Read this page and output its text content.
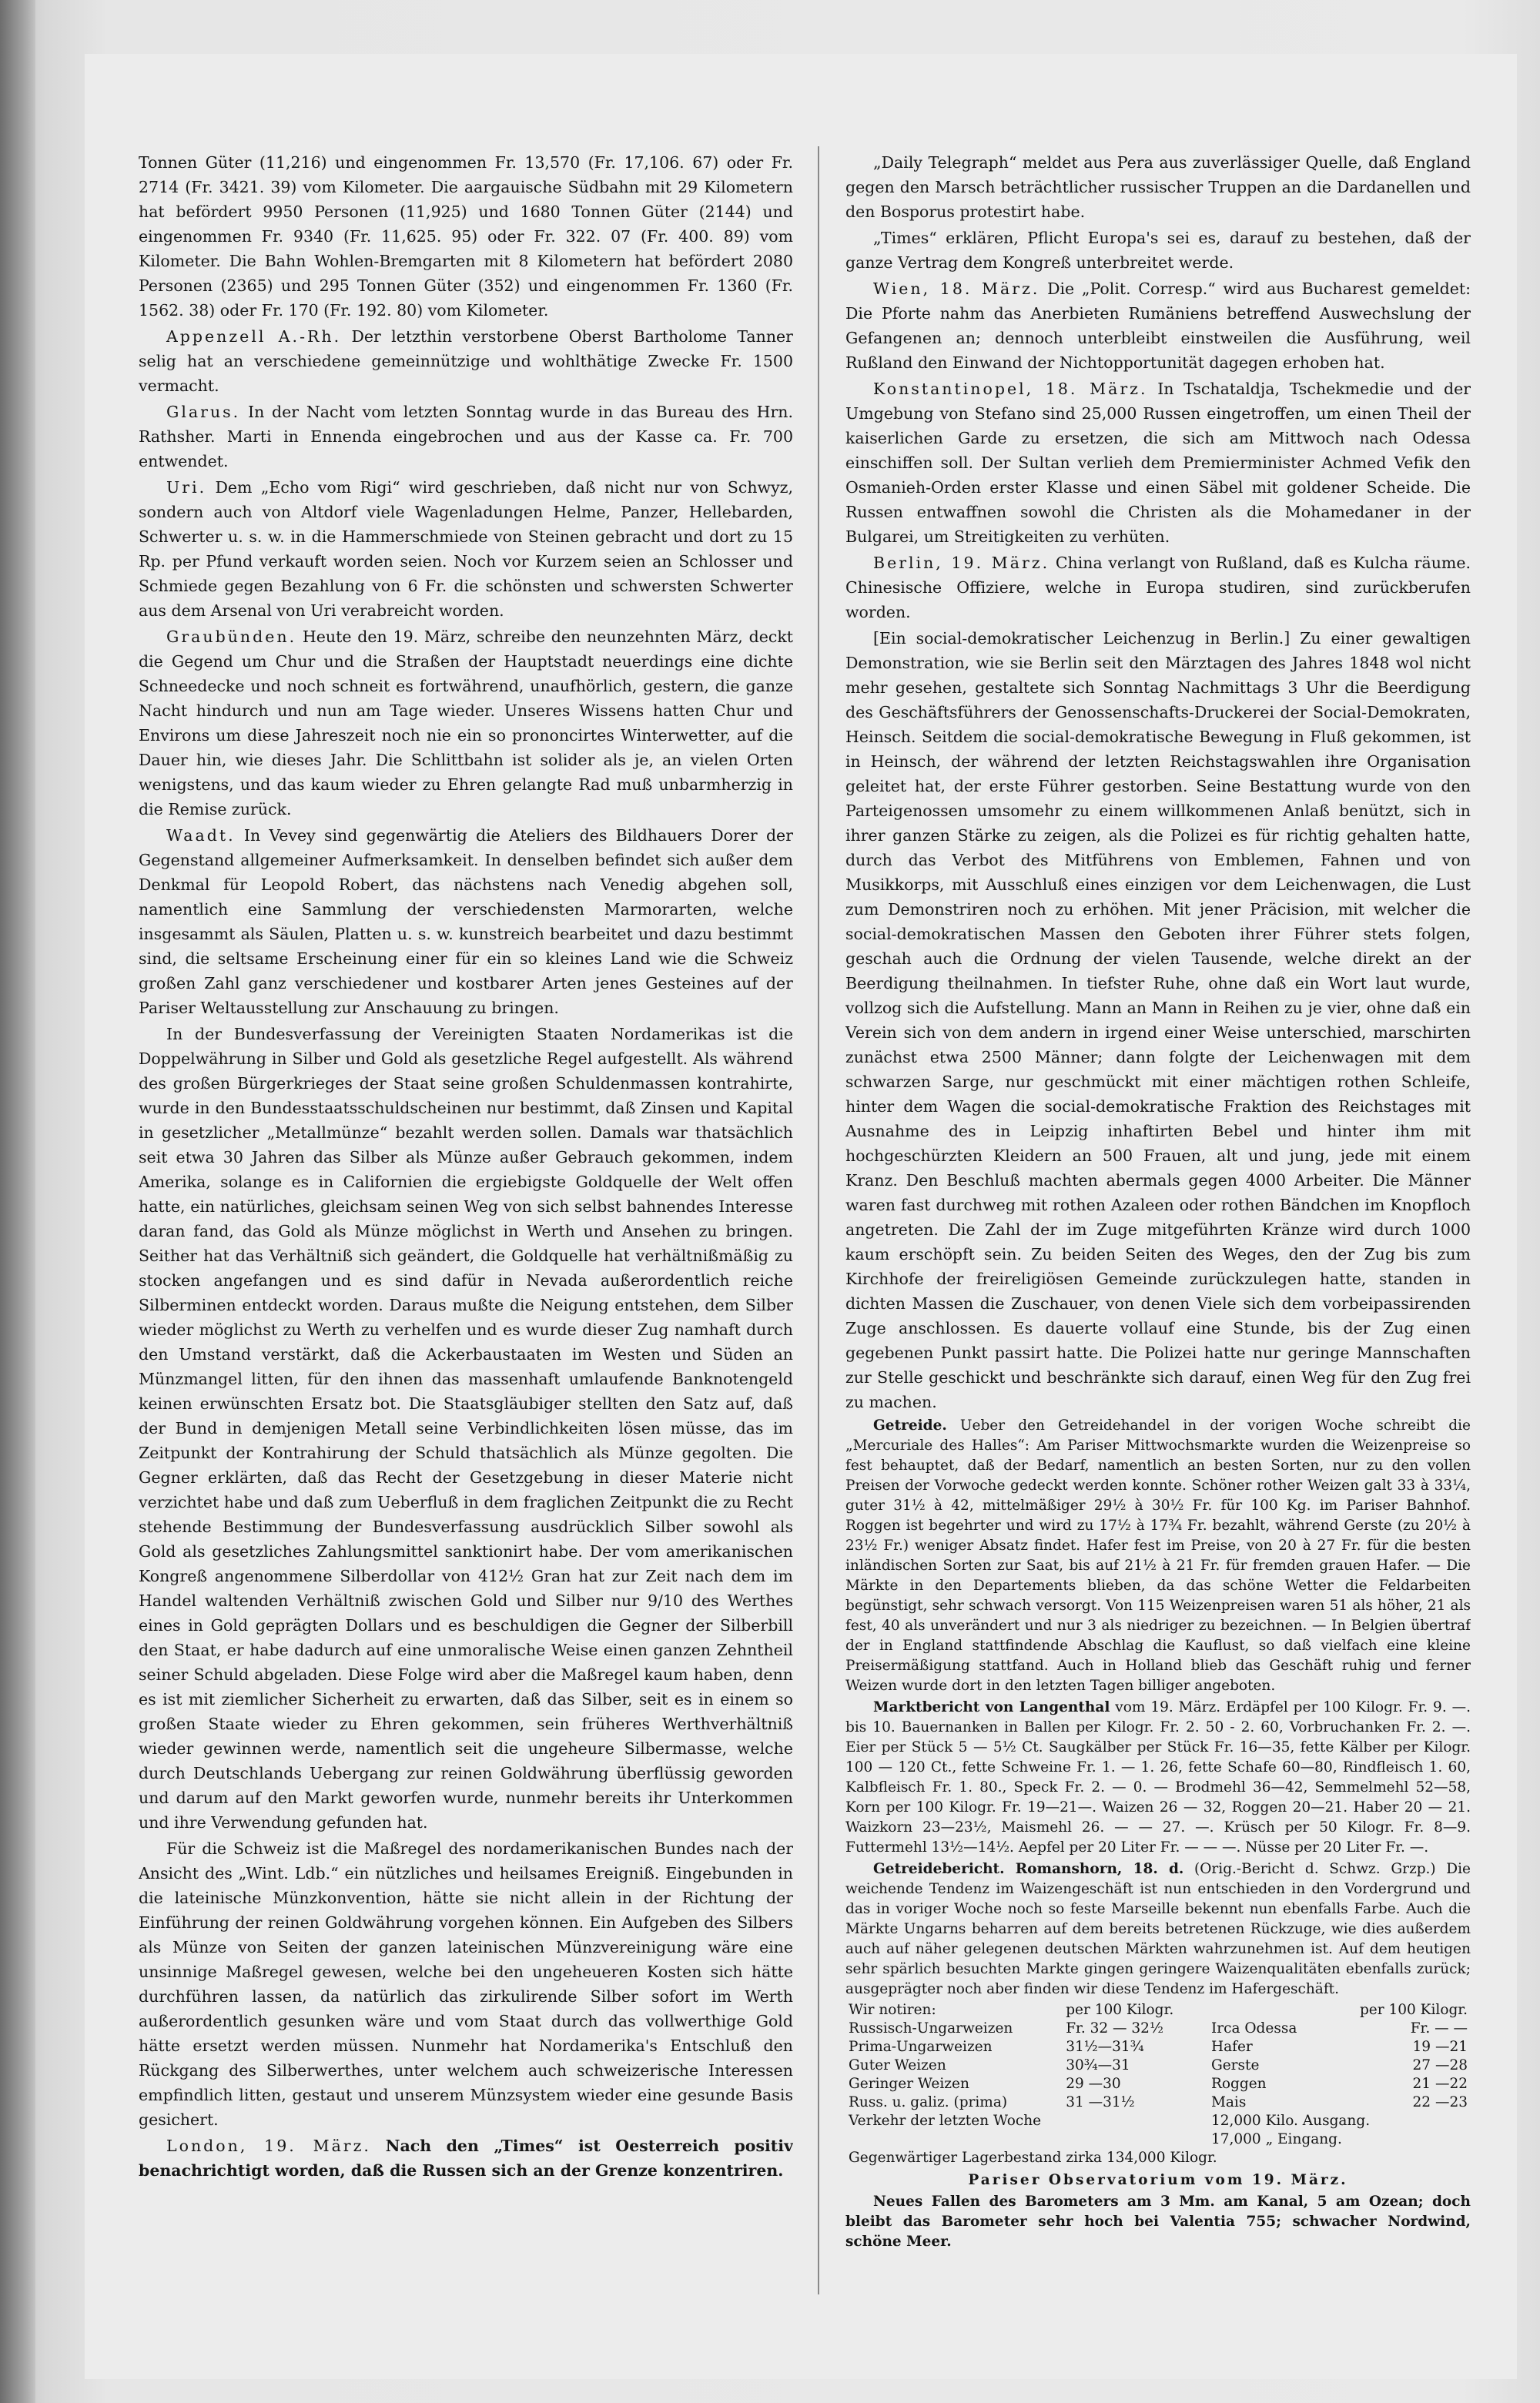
Tonnen Güter (11,216) und eingenommen Fr. 13,570 (Fr. 17,106. 67) oder Fr. 2714 (Fr. 3421. 39) vom Kilometer. Die aargauische Südbahn mit 29 Kilometern hat befördert 9950 Personen (11,925) und 1680 Tonnen Güter (2144) und eingenommen Fr. 9340 (Fr. 11,625. 95) oder Fr. 322. 07 (Fr. 400. 89) vom Kilometer. Die Bahn Wohlen-Bremgarten mit 8 Kilometern hat befördert 2080 Personen (2365) und 295 Tonnen Güter (352) und eingenommen Fr. 1360 (Fr. 1562. 38) oder Fr. 170 (Fr. 192. 80) vom Kilometer.

Appenzell A.-Rh. Der letzthin verstorbene Oberst Bartholome Tanner selig hat an verschiedene gemeinnützige und wohlthätige Zwecke Fr. 1500 vermacht.

Glarus. In der Nacht vom letzten Sonntag wurde in das Bureau des Hrn. Rathsher. Marti in Ennenda eingebrochen und aus der Kasse ca. Fr. 700 entwendet.

Uri. Dem „Echo vom Rigi“ wird geschrieben, daß nicht nur von Schwyz, sondern auch von Altdorf viele Wagenladungen Helme, Panzer, Hellebarden, Schwerter u. s. w. in die Hammerschmiede von Steinen gebracht und dort zu 15 Rp. per Pfund verkauft worden seien. Noch vor Kurzem seien an Schlosser und Schmiede gegen Bezahlung von 6 Fr. die schönsten und schwersten Schwerter aus dem Arsenal von Uri verabreicht worden.

Graubünden. Heute den 19. März, schreibe den neunzehnten März, deckt die Gegend um Chur und die Straßen der Hauptstadt neuerdings eine dichte Schneedecke und noch schneit es fortwährend, unaufhörlich, gestern, die ganze Nacht hindurch und nun am Tage wieder. Unseres Wissens hatten Chur und Environs um diese Jahreszeit noch nie ein so prononcirtes Winterwetter, auf die Dauer hin, wie dieses Jahr. Die Schlittbahn ist solider als je, an vielen Orten wenigstens, und das kaum wieder zu Ehren gelangte Rad muß unbarmherzig in die Remise zurück.

Waadt. In Vevey sind gegenwärtig die Ateliers des Bildhauers Dorer der Gegenstand allgemeiner Aufmerksamkeit. In denselben befindet sich außer dem Denkmal für Leopold Robert, das nächstens nach Venedig abgehen soll, namentlich eine Sammlung der verschiedensten Marmorarten, welche insgesammt als Säulen, Platten u. s. w. kunstreich bearbeitet und dazu bestimmt sind, die seltsame Erscheinung einer für ein so kleines Land wie die Schweiz großen Zahl ganz verschiedener und kostbarer Arten jenes Gesteines auf der Pariser Weltausstellung zur Anschauung zu bringen.

In der Bundesverfassung der Vereinigten Staaten Nordamerikas ist die Doppelwährung in Silber und Gold als gesetzliche Regel aufgestellt. Als während des großen Bürgerkrieges der Staat seine großen Schuldenmassen kontrahirte, wurde in den Bundesstaatsschuldscheinen nur bestimmt, daß Zinsen und Kapital in gesetzlicher „Metallmünze“ bezahlt werden sollen. Damals war thatsächlich seit etwa 30 Jahren das Silber als Münze außer Gebrauch gekommen, indem Amerika, solange es in Californien die ergiebigste Goldquelle der Welt offen hatte, ein natürliches, gleichsam seinen Weg von sich selbst bahnendes Interesse daran fand, das Gold als Münze möglichst in Werth und Ansehen zu bringen. Seither hat das Verhältniß sich geändert, die Goldquelle hat verhältnißmäßig zu stocken angefangen und es sind dafür in Nevada außerordentlich reiche Silberminen entdeckt worden. Daraus mußte die Neigung entstehen, dem Silber wieder möglichst zu Werth zu verhelfen und es wurde dieser Zug namhaft durch den Umstand verstärkt, daß die Ackerbaustaaten im Westen und Süden an Münzmangel litten, für den ihnen das massenhaft umlaufende Banknotengeld keinen erwünschten Ersatz bot. Die Staatsgläubiger stellten den Satz auf, daß der Bund in demjenigen Metall seine Verbindlichkeiten lösen müsse, das im Zeitpunkt der Kontrahirung der Schuld thatsächlich als Münze gegolten. Die Gegner erklärten, daß das Recht der Gesetzgebung in dieser Materie nicht verzichtet habe und daß zum Ueberfluß in dem fraglichen Zeitpunkt die zu Recht stehende Bestimmung der Bundesverfassung ausdrücklich Silber sowohl als Gold als gesetzliches Zahlungsmittel sanktionirt habe. Der vom amerikanischen Kongreß angenommene Silberdollar von 412½ Gran hat zur Zeit nach dem im Handel waltenden Verhältniß zwischen Gold und Silber nur 9/10 des Werthes eines in Gold geprägten Dollars und es beschuldigen die Gegner der Silberbill den Staat, er habe dadurch auf eine unmoralische Weise einen ganzen Zehntheil seiner Schuld abgeladen. Diese Folge wird aber die Maßregel kaum haben, denn es ist mit ziemlicher Sicherheit zu erwarten, daß das Silber, seit es in einem so großen Staate wieder zu Ehren gekommen, sein früheres Werthverhältniß wieder gewinnen werde, namentlich seit die ungeheure Silbermasse, welche durch Deutschlands Uebergang zur reinen Goldwährung überflüssig geworden und darum auf den Markt geworfen wurde, nunmehr bereits ihr Unterkommen und ihre Verwendung gefunden hat.

Für die Schweiz ist die Maßregel des nordamerikanischen Bundes nach der Ansicht des „Wint. Ldb.“ ein nützliches und heilsames Ereigniß. Eingebunden in die lateinische Münzkonvention, hätte sie nicht allein in der Richtung der Einführung der reinen Goldwährung vorgehen können. Ein Aufgeben des Silbers als Münze von Seiten der ganzen lateinischen Münzvereinigung wäre eine unsinnige Maßregel gewesen, welche bei den ungeheueren Kosten sich hätte durchführen lassen, da natürlich das zirkulirende Silber sofort im Werth außerordentlich gesunken wäre und vom Staat durch das vollwerthige Gold hätte ersetzt werden müssen. Nunmehr hat Nordamerika's Entschluß den Rückgang des Silberwerthes, unter welchem auch schweizerische Interessen empfindlich litten, gestaut und unserem Münzsystem wieder eine gesunde Basis gesichert.

London, 19. März. Nach den „Times“ ist Oesterreich positiv benachrichtigt worden, daß die Russen sich an der Grenze konzentriren.

„Daily Telegraph“ meldet aus Pera aus zuverlässiger Quelle, daß England gegen den Marsch beträchtlicher russischer Truppen an die Dardanellen und den Bosporus protestirt habe.

„Times“ erklären, Pflicht Europa's sei es, darauf zu bestehen, daß der ganze Vertrag dem Kongreß unterbreitet werde.

Wien, 18. März. Die „Polit. Corresp.“ wird aus Bucharest gemeldet: Die Pforte nahm das Anerbieten Rumäniens betreffend Auswechslung der Gefangenen an; dennoch unterbleibt einstweilen die Ausführung, weil Rußland den Einwand der Nichtopportunität dagegen erhoben hat.

Konstantinopel, 18. März. In Tschataldja, Tschekmedie und der Umgebung von Stefano sind 25,000 Russen eingetroffen, um einen Theil der kaiserlichen Garde zu ersetzen, die sich am Mittwoch nach Odessa einschiffen soll. Der Sultan verlieh dem Premierminister Achmed Vefik den Osmanieh-Orden erster Klasse und einen Säbel mit goldener Scheide. Die Russen entwaffnen sowohl die Christen als die Mohamedaner in der Bulgarei, um Streitigkeiten zu verhüten.

Berlin, 19. März. China verlangt von Rußland, daß es Kulcha räume. Chinesische Offiziere, welche in Europa studiren, sind zurückberufen worden.

[Ein social-demokratischer Leichenzug in Berlin.] Zu einer gewaltigen Demonstration, wie sie Berlin seit den Märztagen des Jahres 1848 wol nicht mehr gesehen, gestaltete sich Sonntag Nachmittags 3 Uhr die Beerdigung des Geschäftsführers der Genossenschafts-Druckerei der Social-Demokraten, Heinsch. Seitdem die social-demokratische Bewegung in Fluß gekommen, ist in Heinsch, der während der letzten Reichstagswahlen ihre Organisation geleitet hat, der erste Führer gestorben. Seine Bestattung wurde von den Parteigenossen umsomehr zu einem willkommenen Anlaß benützt, sich in ihrer ganzen Stärke zu zeigen, als die Polizei es für richtig gehalten hatte, durch das Verbot des Mitführens von Emblemen, Fahnen und von Musikkorps, mit Ausschluß eines einzigen vor dem Leichenwagen, die Lust zum Demonstriren noch zu erhöhen. Mit jener Präcision, mit welcher die social-demokratischen Massen den Geboten ihrer Führer stets folgen, geschah auch die Ordnung der vielen Tausende, welche direkt an der Beerdigung theilnahmen. In tiefster Ruhe, ohne daß ein Wort laut wurde, vollzog sich die Aufstellung. Mann an Mann in Reihen zu je vier, ohne daß ein Verein sich von dem andern in irgend einer Weise unterschied, marschirten zunächst etwa 2500 Männer; dann folgte der Leichenwagen mit dem schwarzen Sarge, nur geschmückt mit einer mächtigen rothen Schleife, hinter dem Wagen die social-demokratische Fraktion des Reichstages mit Ausnahme des in Leipzig inhaftirten Bebel und hinter ihm mit hochgeschürzten Kleidern an 500 Frauen, alt und jung, jede mit einem Kranz. Den Beschluß machten abermals gegen 4000 Arbeiter. Die Männer waren fast durchweg mit rothen Azaleen oder rothen Bändchen im Knopfloch angetreten. Die Zahl der im Zuge mitgeführten Kränze wird durch 1000 kaum erschöpft sein. Zu beiden Seiten des Weges, den der Zug bis zum Kirchhofe der freireligiösen Gemeinde zurückzulegen hatte, standen in dichten Massen die Zuschauer, von denen Viele sich dem vorbeipassirenden Zuge anschlossen. Es dauerte vollauf eine Stunde, bis der Zug einen gegebenen Punkt passirt hatte. Die Polizei hatte nur geringe Mannschaften zur Stelle geschickt und beschränkte sich darauf, einen Weg für den Zug frei zu machen.

Getreide. Ueber den Getreidehandel in der vorigen Woche schreibt die „Mercuriale des Halles“: Am Pariser Mittwochsmarkte wurden die Weizenpreise so fest behauptet, daß der Bedarf, namentlich an besten Sorten, nur zu den vollen Preisen der Vorwoche gedeckt werden konnte. Schöner rother Weizen galt 33 à 33¼, guter 31½ à 42, mittelmäßiger 29½ à 30½ Fr. für 100 Kg. im Pariser Bahnhof. Roggen ist begehrter und wird zu 17½ à 17¾ Fr. bezahlt, während Gerste (zu 20½ à 23½ Fr.) weniger Absatz findet. Hafer fest im Preise, von 20 à 27 Fr. für die besten inländischen Sorten zur Saat, bis auf 21½ à 21 Fr. für fremden grauen Hafer. — Die Märkte in den Departements blieben, da das schöne Wetter die Feldarbeiten begünstigt, sehr schwach versorgt. Von 115 Weizenpreisen waren 51 als höher, 21 als fest, 40 als unverändert und nur 3 als niedriger zu bezeichnen. — In Belgien übertraf der in England stattfindende Abschlag die Kauflust, so daß vielfach eine kleine Preisermäßigung stattfand. Auch in Holland blieb das Geschäft ruhig und ferner Weizen wurde dort in den letzten Tagen billiger angeboten.

Marktbericht von Langenthal vom 19. März. Erdäpfel per 100 Kilogr. Fr. 9. —. bis 10. Bauernanken in Ballen per Kilogr. Fr. 2. 50 - 2. 60, Vorbruchanken Fr. 2. —. Eier per Stück 5 — 5½ Ct. Saugkälber per Stück Fr. 16—35, fette Kälber per Kilogr. 100 — 120 Ct., fette Schweine Fr. 1. — 1. 26, fette Schafe 60—80, Rindfleisch 1. 60, Kalbfleisch Fr. 1. 80., Speck Fr. 2. — 0. — Brodmehl 36—42, Semmelmehl 52—58, Korn per 100 Kilogr. Fr. 19—21—. Waizen 26 — 32, Roggen 20—21. Haber 20 — 21. Waizkorn 23—23½, Maismehl 26. — — 27. —. Krüsch per 50 Kilogr. Fr. 8—9. Futtermehl 13½—14½. Aepfel per 20 Liter Fr. — — —. Nüsse per 20 Liter Fr. —.

Getreidebericht. Romanshorn, 18. d. (Orig.-Bericht d. Schwz. Grzp.) Die weichende Tendenz im Waizengeschäft ist nun entschieden in den Vordergrund und das in voriger Woche noch so feste Marseille bekennt nun ebenfalls Farbe. Auch die Märkte Ungarns beharren auf dem bereits betretenen Rückzuge, wie dies außerdem auch auf näher gelegenen deutschen Märkten wahrzunehmen ist. Auf dem heutigen sehr spärlich besuchten Markte gingen geringere Waizenqualitäten ebenfalls zurück; ausgeprägter noch aber finden wir diese Tendenz im Hafergeschäft.

Wir notiren:	per 100 Kilogr.		per 100 Kilogr.
Russisch-Ungarweizen	Fr. 32 — 32½	Irca Odessa	Fr. — —
Prima-Ungarweizen	31½—31¾	Hafer	19 —21
Guter Weizen	30¾—31	Gerste	27 —28
Geringer Weizen	29 —30	Roggen	21 —22
Russ. u. galiz. (prima)	31 —31½	Mais	22 —23
Verkehr der letzten Woche		12,000 Kilo. Ausgang.	
		17,000 „ Eingang.	
Gegenwärtiger Lagerbestand zirka 134,000 Kilogr.			

Pariser Observatorium vom 19. März.

Neues Fallen des Barometers am 3 Mm. am Kanal, 5 am Ozean; doch bleibt das Barometer sehr hoch bei Valentia 755; schwacher Nordwind, schöne Meer.
